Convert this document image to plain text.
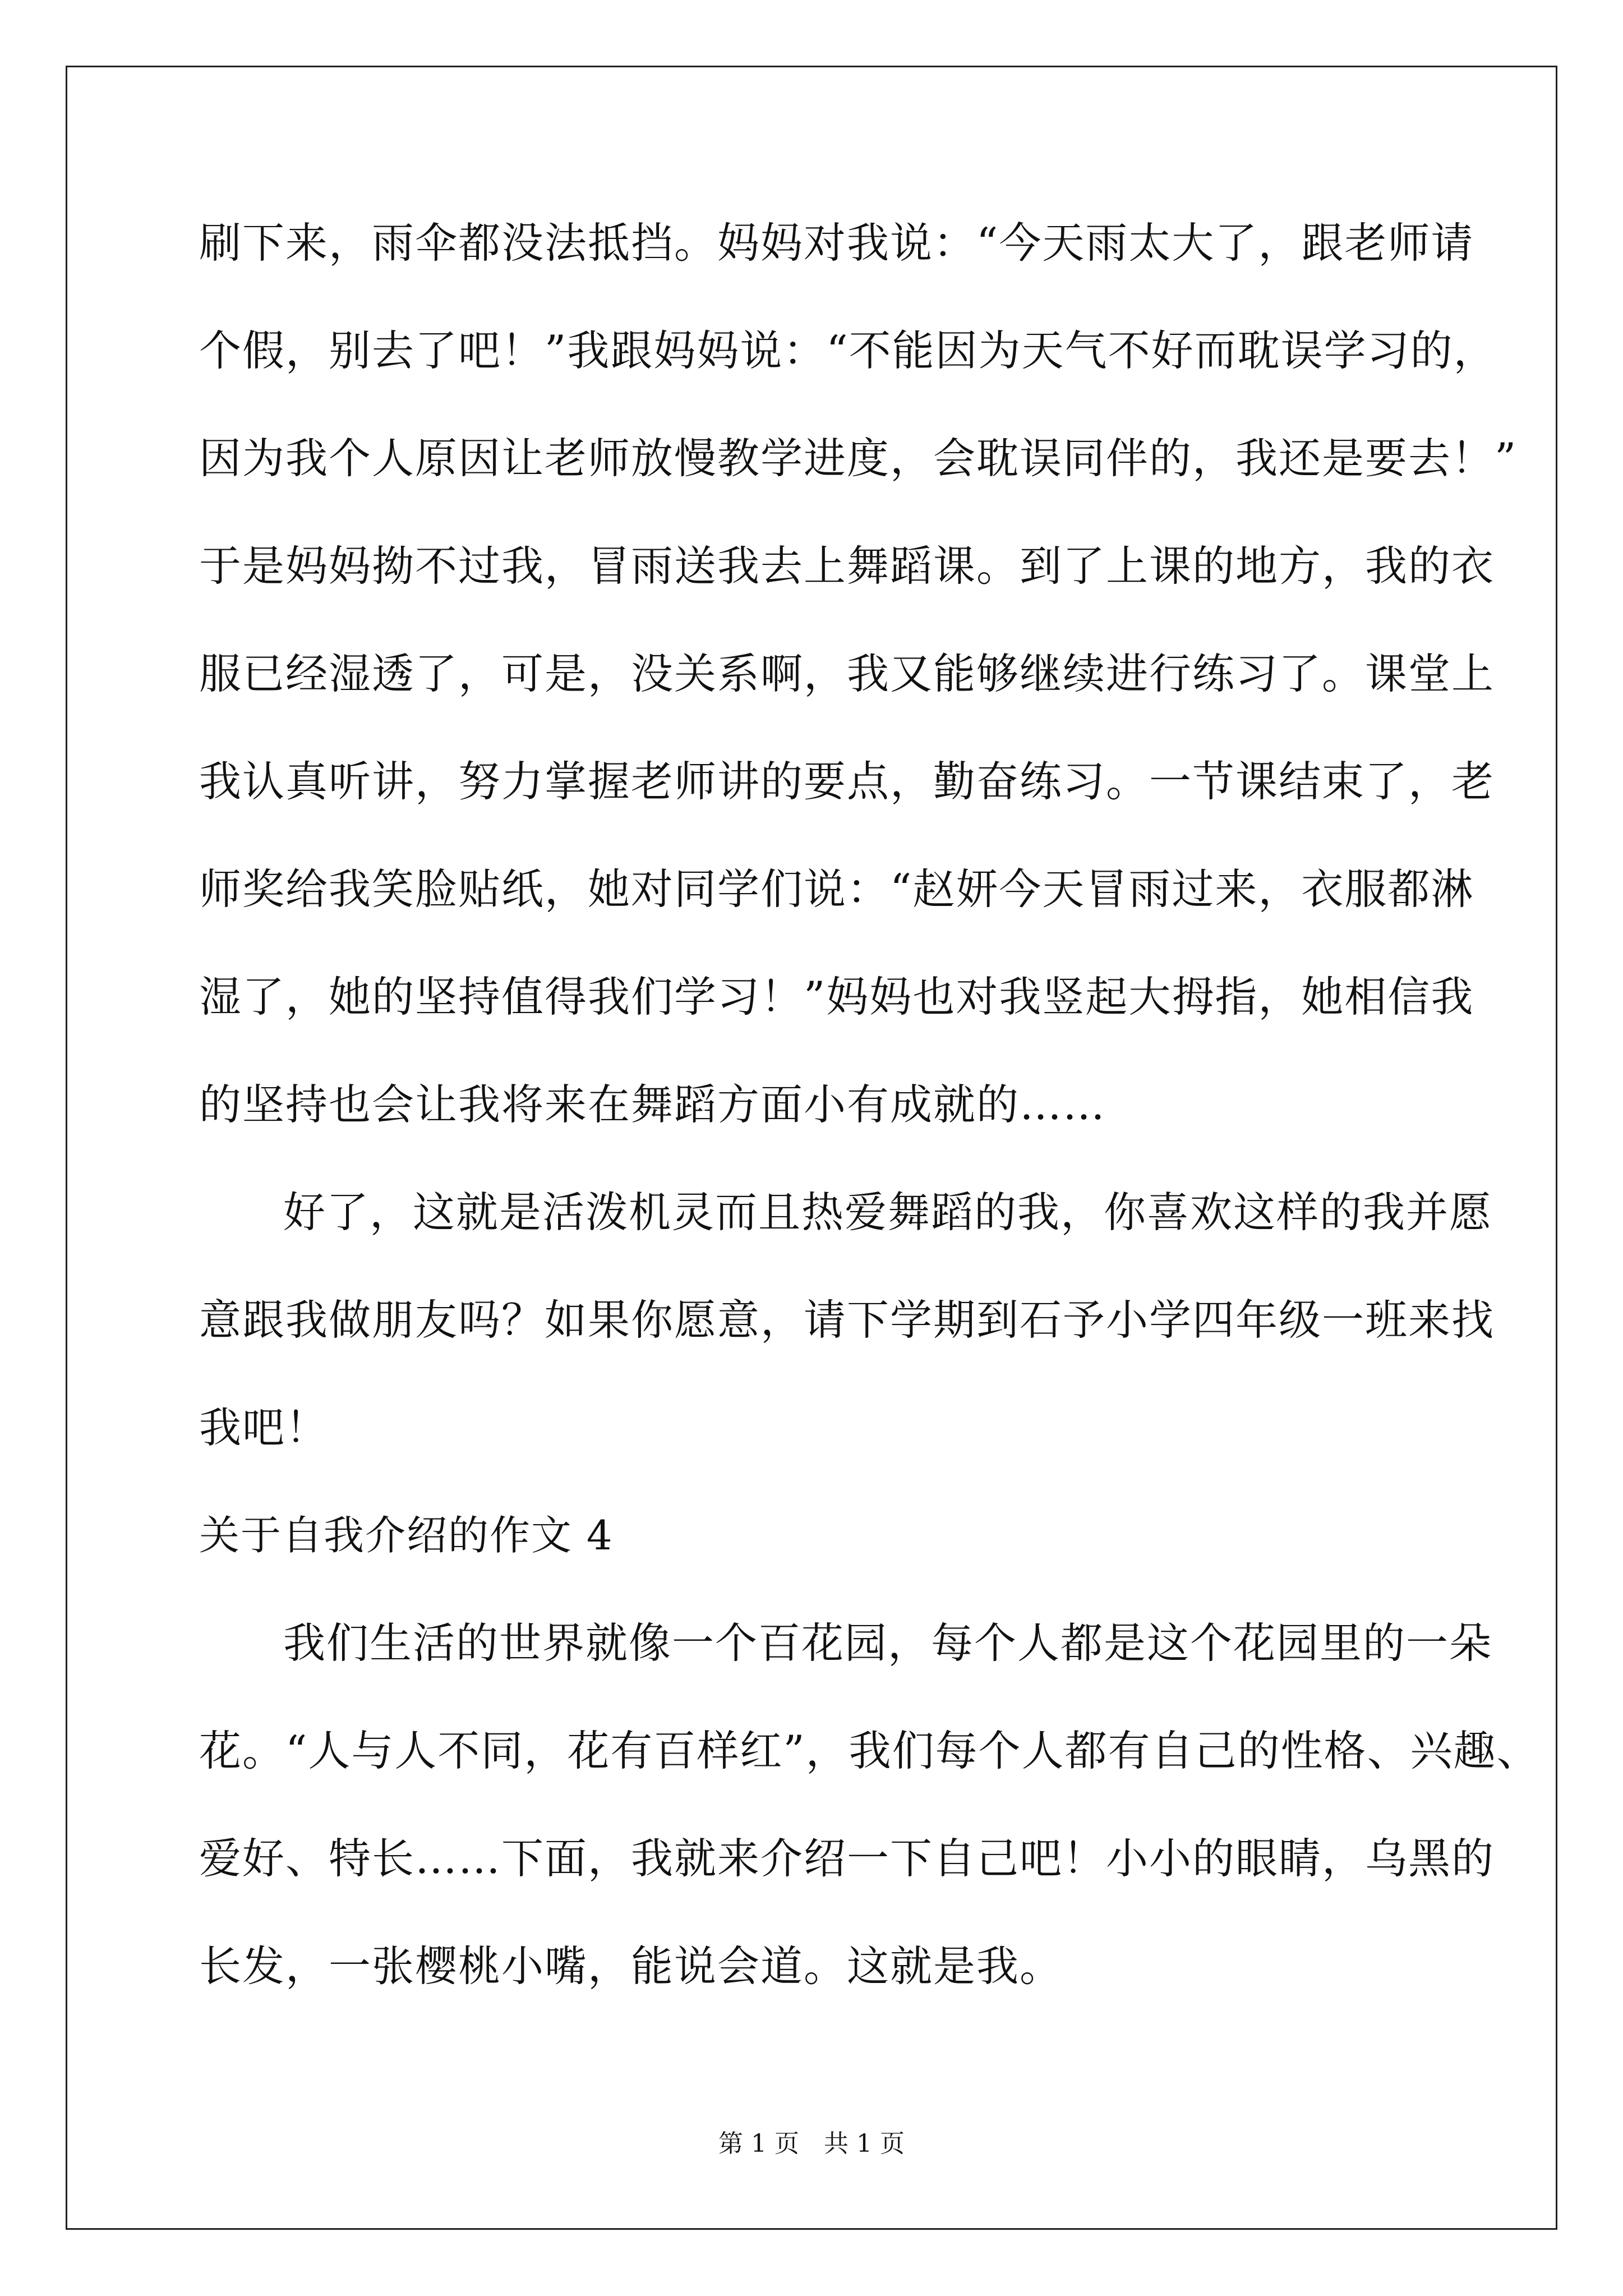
刷下来，雨伞都没法抵挡。妈妈对我说：“今天雨太大了，跟老师请
个假，别去了吧！”我跟妈妈说：“不能因为天气不好而耽误学习的，
因为我个人原因让老师放慢教学进度，会耽误同伴的，我还是要去！”
于是妈妈拗不过我，冒雨送我去上舞蹈课。到了上课的地方，我的衣
服已经湿透了，可是，没关系啊，我又能够继续进行练习了。课堂上
我认真听讲，努力掌握老师讲的要点，勤奋练习。一节课结束了，老
师奖给我笑脸贴纸，她对同学们说：“赵妍今天冒雨过来，衣服都淋
湿了，她的坚持值得我们学习！”妈妈也对我竖起大拇指，她相信我
的坚持也会让我将来在舞蹈方面小有成就的……
好了，这就是活泼机灵而且热爱舞蹈的我，你喜欢这样的我并愿
意跟我做朋友吗？如果你愿意，请下学期到石予小学四年级一班来找
我吧！
关于自我介绍的作文 4
我们生活的世界就像一个百花园，每个人都是这个花园里的一朵
花。“人与人不同，花有百样红”，我们每个人都有自己的性格、兴趣、
爱好、特长……下面，我就来介绍一下自己吧！小小的眼睛，乌黑的
长发，一张樱桃小嘴，能说会道。这就是我。
第 1 页　共 1 页
